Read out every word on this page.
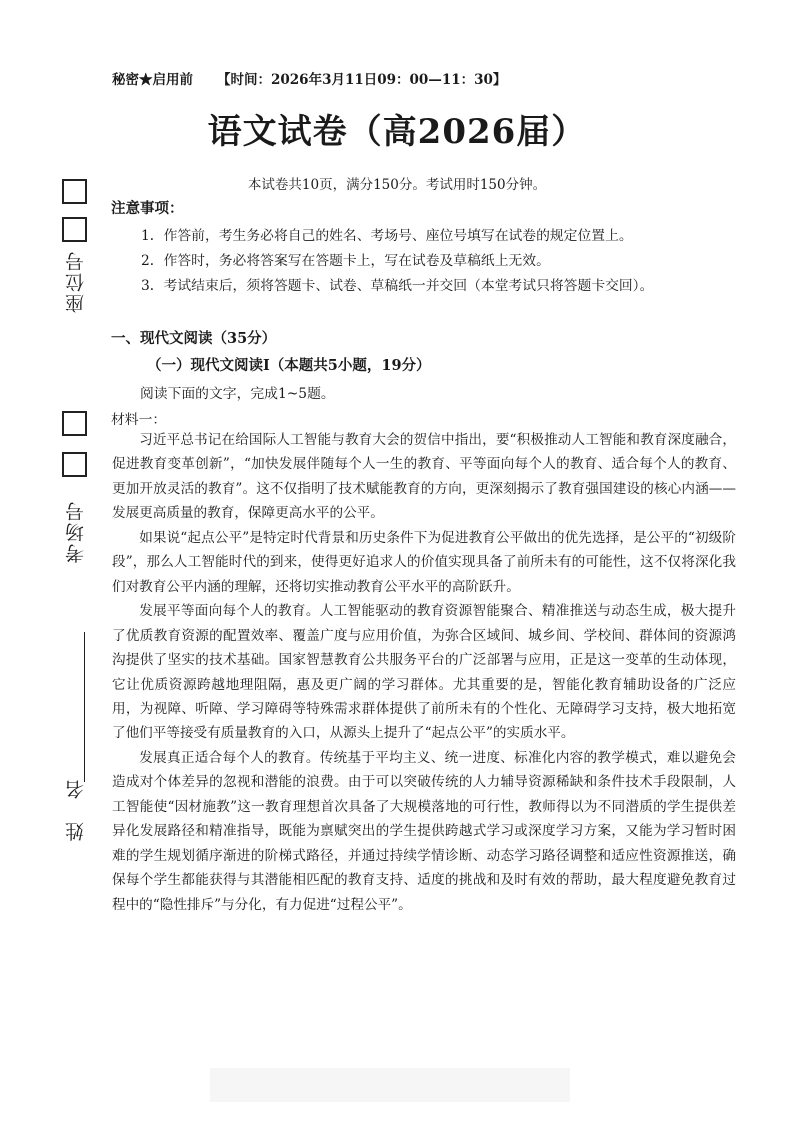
秘密★启用前 【时间：2026年3月11日09：00—11：30】
语文试卷（高2026届）
本试卷共10页，满分150分。考试用时150分钟。
座位号
考场号
姓　名
注意事项：
1．作答前，考生务必将自己的姓名、考场号、座位号填写在试卷的规定位置上。
2．作答时，务必将答案写在答题卡上，写在试卷及草稿纸上无效。
3．考试结束后，须将答题卡、试卷、草稿纸一并交回（本堂考试只将答题卡交回）。
一、现代文阅读（35分）
（一）现代文阅读Ⅰ（本题共5小题，19分）
阅读下面的文字，完成1~5题。
材料一：

习近平总书记在给国际人工智能与教育大会的贺信中指出，要“积极推动人工智能和教育深度融合，促进教育变革创新”，“加快发展伴随每个人一生的教育、平等面向每个人的教育、适合每个人的教育、更加开放灵活的教育”。这不仅指明了技术赋能教育的方向，更深刻揭示了教育强国建设的核心内涵——发展更高质量的教育，保障更高水平的公平。

如果说“起点公平”是特定时代背景和历史条件下为促进教育公平做出的优先选择，是公平的“初级阶段”，那么人工智能时代的到来，使得更好追求人的价值实现具备了前所未有的可能性，这不仅将深化我们对教育公平内涵的理解，还将切实推动教育公平水平的高阶跃升。

发展平等面向每个人的教育。人工智能驱动的教育资源智能聚合、精准推送与动态生成，极大提升了优质教育资源的配置效率、覆盖广度与应用价值，为弥合区域间、城乡间、学校间、群体间的资源鸿沟提供了坚实的技术基础。国家智慧教育公共服务平台的广泛部署与应用，正是这一变革的生动体现，它让优质资源跨越地理阻隔，惠及更广阔的学习群体。尤其重要的是，智能化教育辅助设备的广泛应用，为视障、听障、学习障碍等特殊需求群体提供了前所未有的个性化、无障碍学习支持，极大地拓宽了他们平等接受有质量教育的入口，从源头上提升了“起点公平”的实质水平。

发展真正适合每个人的教育。传统基于平均主义、统一进度、标准化内容的教学模式，难以避免会造成对个体差异的忽视和潜能的浪费。由于可以突破传统的人力辅导资源稀缺和条件技术手段限制，人工智能使“因材施教”这一教育理想首次具备了大规模落地的可行性，教师得以为不同潜质的学生提供差异化发展路径和精准指导，既能为禀赋突出的学生提供跨越式学习或深度学习方案，又能为学习暂时困难的学生规划循序渐进的阶梯式路径，并通过持续学情诊断、动态学习路径调整和适应性资源推送，确保每个学生都能获得与其潜能相匹配的教育支持、适度的挑战和及时有效的帮助，最大程度避免教育过程中的“隐性排斥”与分化，有力促进“过程公平”。
